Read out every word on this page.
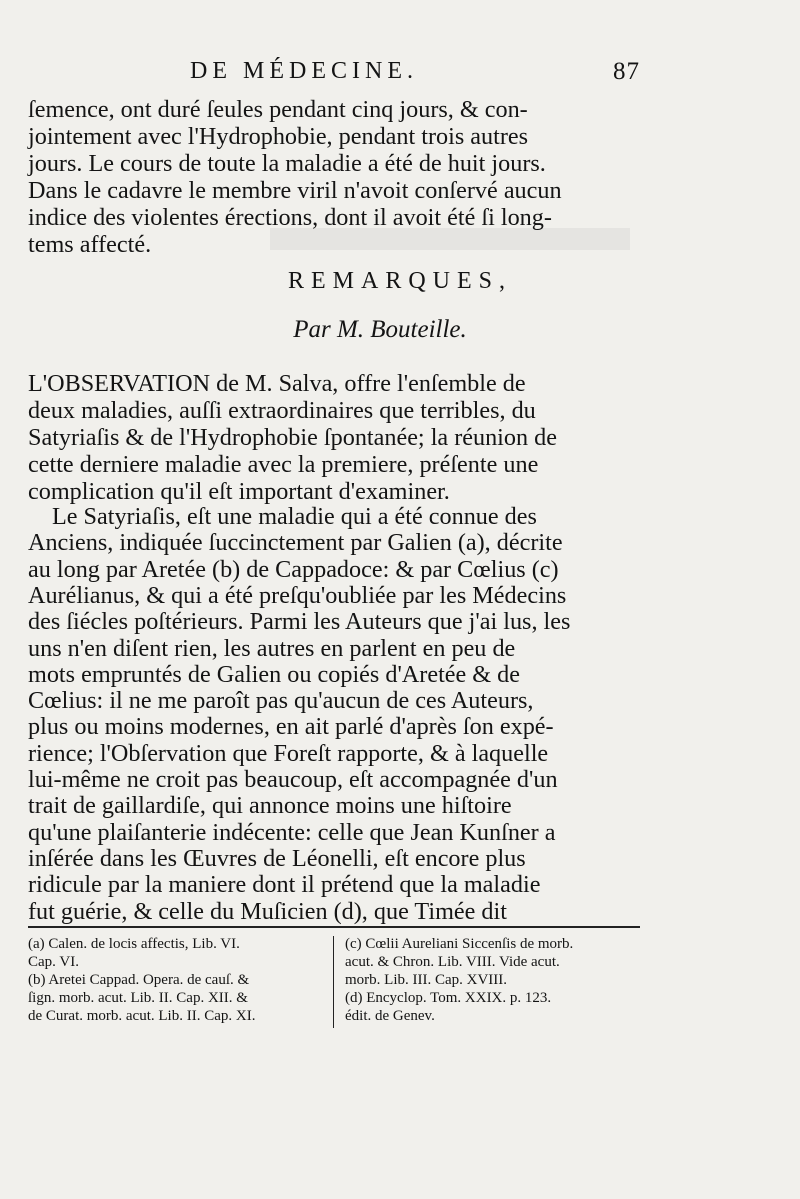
DE MÉDECINE.	87
ſemence, ont duré ſeules pendant cinq jours, & con-
jointement avec l'Hydrophobie, pendant trois autres
jours. Le cours de toute la maladie a été de huit jours.
Dans le cadavre le membre viril n'avoit conſervé aucun
indice des violentes érections, dont il avoit été ſi long-
tems affecté.
REMARQUES,
Par M. Bouteille.
L'OBSERVATION de M. Salva, offre l'enſemble de
deux maladies, auſſi extraordinaires que terribles, du
Satyriaſis & de l'Hydrophobie ſpontanée; la réunion de
cette derniere maladie avec la premiere, préſente une
complication qu'il eſt important d'examiner.
Le Satyriaſis, eſt une maladie qui a été connue des
Anciens, indiquée ſuccinctement par Galien (a), décrite
au long par Aretée (b) de Cappadoce: & par Cœlius (c)
Aurélianus, & qui a été preſqu'oubliée par les Médecins
des ſiécles poſtérieurs. Parmi les Auteurs que j'ai lus, les
uns n'en diſent rien, les autres en parlent en peu de
mots empruntés de Galien ou copiés d'Aretée & de
Cœlius: il ne me paroît pas qu'aucun de ces Auteurs,
plus ou moins modernes, en ait parlé d'après ſon expé-
rience; l'Obſervation que Foreſt rapporte, & à laquelle
lui-même ne croit pas beaucoup, eſt accompagnée d'un
trait de gaillardiſe, qui annonce moins une hiſtoire
qu'une plaiſanterie indécente: celle que Jean Kunſner a
inſérée dans les Œuvres de Léonelli, eſt encore plus
ridicule par la maniere dont il prétend que la maladie
fut guérie, & celle du Muſicien (d), que Timée dit
(a) Calen. de locis affectis, Lib. VI.
Cap. VI.
(b) Aretei Cappad. Opera. de cauſ. &
ſign. morb. acut. Lib. II. Cap. XII. &
de Curat. morb. acut. Lib. II. Cap. XI.
(c) Cœlii Aureliani Siccenſis de morb.
acut. & Chron. Lib. VIII. Vide acut.
morb. Lib. III. Cap. XVIII.
(d) Encyclop. Tom. XXIX. p. 123.
édit. de Genev.
